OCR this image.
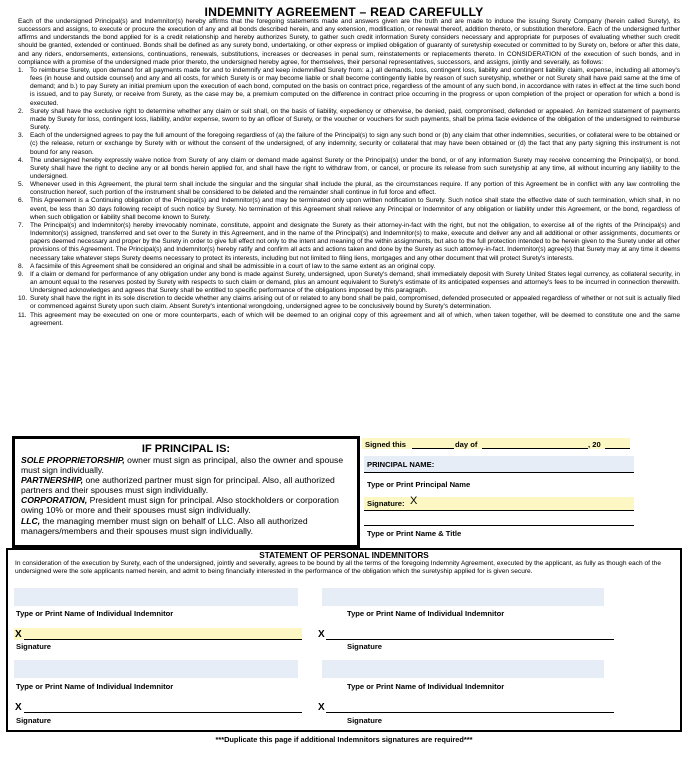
INDEMNITY AGREEMENT – READ CAREFULLY
Each of the undersigned Principal(s) and Indemnitor(s) hereby affirms that the foregoing statements made and answers given are the truth and are made to induce the issuing Surety Company (herein called Surety), its successors and assigns, to execute or procure the execution of any and all bonds described herein, and any extension, modification, or renewal thereof, addition thereto, or substitution therefore. Each of the undersigned further affirms and understands the bond applied for is a credit relationship and hereby authorizes Surety, to gather such credit information Surety considers necessary and appropriate for purposes of evaluating whether such credit should be granted, extended or continued. Bonds shall be defined as any surety bond, undertaking, or other express or implied obligation of guaranty of suretyship executed or committed to by Surety on, before or after this date, and any riders, endorsements, extensions, continuations, renewals, substitutions, increases or decreases in penal sum, reinstatements or replacements thereto. In CONSIDERATION of the execution of such bonds, and in compliance with a promise of the undersigned made prior thereto, the undersigned hereby agree, for themselves, their personal representatives, successors, and assigns, jointly and severally, as follows:
1. To reimburse Surety, upon demand for all payments made for and to indemnify and keep indemnified Surety from: a.) all demands, loss, contingent loss, liability and contingent liability claim, expense, including all attorney's fees (in house and outside counsel) and any and all costs, for which Surety is or may become liable or shall become contingently liable by reason of such suretyship, whether or not Surety shall have paid same at the time of demand; and b.) to pay Surety an initial premium upon the execution of each bond, computed on the basis on contract price, regardless of the amount of any such bond, in accordance with rates in effect at the time such bond is issued, and to pay Surety, or receive from Surety, as the case may be, a premium computed on the difference in contract price occurring in the progress or upon completion of the project or operation for which a bond is executed.
2. Surety shall have the exclusive right to determine whether any claim or suit shall, on the basis of liability, expediency or otherwise, be denied, paid, compromised, defended or appealed. An itemized statement of payments made by Surety for loss, contingent loss, liability, and/or expense, sworn to by an officer of Surety, or the voucher or vouchers for such payments, shall be prima facie evidence of the obligation of the undersigned to reimburse Surety.
3. Each of the undersigned agrees to pay the full amount of the foregoing regardless of (a) the failure of the Principal(s) to sign any such bond or (b) any claim that other indemnities, securities, or collateral were to be obtained or (c) the release, return or exchange by Surety with or without the consent of the undersigned, of any indemnity, security or collateral that may have been obtained or (d) the fact that any party signing this instrument is not bound for any reason.
4. The undersigned hereby expressly waive notice from Surety of any claim or demand made against Surety or the Principal(s) under the bond, or of any information Surety may receive concerning the Principal(s), or bond. Surety shall have the right to decline any or all bonds herein applied for, and shall have the right to withdraw from, or cancel, or procure its release from such suretyship at any time, all without incurring any liability to the undersigned.
5. Whenever used in this Agreement, the plural term shall include the singular and the singular shall include the plural, as the circumstances require. If any portion of this Agreement be in conflict with any law controlling the construction hereof, such portion of the instrument shall be considered to be deleted and the remainder shall continue in full force and effect.
6. This Agreement is a Continuing obligation of the Principal(s) and Indemnitor(s) and may be terminated only upon written notification to Surety. Such notice shall state the effective date of such termination, which shall, in no event, be less than 30 days following receipt of such notice by Surety. No termination of this Agreement shall relieve any Principal or Indemnitor of any obligation or liability under this Agreement, or the bond, regardless of when such obligation or liability shall become known to Surety.
7. The Principal(s) and Indemnitor(s) hereby irrevocably nominate, constitute, appoint and designate the Surety as their attorney-in-fact with the right, but not the obligation, to exercise all of the rights of the Principal(s) and Indemnitor(s) assigned, transferred and set over to the Surety in this Agreement, and in the name of the Principal(s) and Indemnitor(s) to make, execute and deliver any and all additional or other assignments, documents or papers deemed necessary and proper by the Surety in order to give full effect not only to the intent and meaning of the within assignments, but also to the full protection intended to be herein given to the Surety under all other provisions of this Agreement. The Principal(s) and Indemnitor(s) hereby ratify and confirm all acts and actions taken and done by the Surety as such attorney-in-fact. Indemnitor(s) agree(s) that Surety may at any time it deems necessary take whatever steps Surety deems necessary to protect its interests, including but not limited to filing liens, mortgages and any other document that will protect Surety's interests.
8. A facsimile of this Agreement shall be considered an original and shall be admissible in a court of law to the same extent as an original copy.
9. If a claim or demand for performance of any obligation under any bond is made against Surety, undersigned, upon Surety's demand, shall immediately deposit with Surety United States legal currency, as collateral security, in an amount equal to the reserves posted by Surety with respects to such claim or demand, plus an amount equivalent to Surety's estimate of its anticipated expenses and attorney's fees to be incurred in connection therewith. Undersigned acknowledges and agrees that Surety shall be entitled to specific performance of the obligations imposed by this paragraph.
10. Surety shall have the right in its sole discretion to decide whether any claims arising out of or related to any bond shall be paid, compromised, defended prosecuted or appealed regardless of whether or not suit is actually filed or commenced against Surety upon such claim. Absent Surety's intentional wrongdoing, undersigned agree to be conclusively bound by Surety's determination.
11. This agreement may be executed on one or more counterparts, each of which will be deemed to an original copy of this agreement and all of which, when taken together, will be deemed to constitute one and the same agreement.
IF PRINCIPAL IS:
SOLE PROPRIETORSHIP, owner must sign as principal, also the owner and spouse must sign individually.
PARTNERSHIP, one authorized partner must sign for principal. Also, all authorized partners and their spouses must sign individually.
CORPORATION, President must sign for principal. Also stockholders or corporation owing 10% or more and their spouses must sign individually.
LLC, the managing member must sign on behalf of LLC. Also all authorized managers/members and their spouses must sign individually.
Signed this	day of	, 20
PRINCIPAL NAME:
Type or Print Principal Name
Signature: X
Type or Print Name & Title
STATEMENT OF PERSONAL INDEMNITORS
In consideration of the execution by Surety, each of the undersigned, jointly and severally, agrees to be bound by all the terms of the foregoing Indemnity Agreement, executed by the applicant, as fully as though each of the undersigned were the sole applicants named herein, and admit to being financially interested in the performance of the obligation which the suretyship applied for is given secure.
Type or Print Name of Individual Indemnitor	Type or Print Name of Individual Indemnitor
X	X
Signature	Signature
Type or Print Name of Individual Indemnitor	Type or Print Name of Individual Indemnitor
X	X
Signature	Signature
***Duplicate this page if additional Indemnitors signatures are required***
